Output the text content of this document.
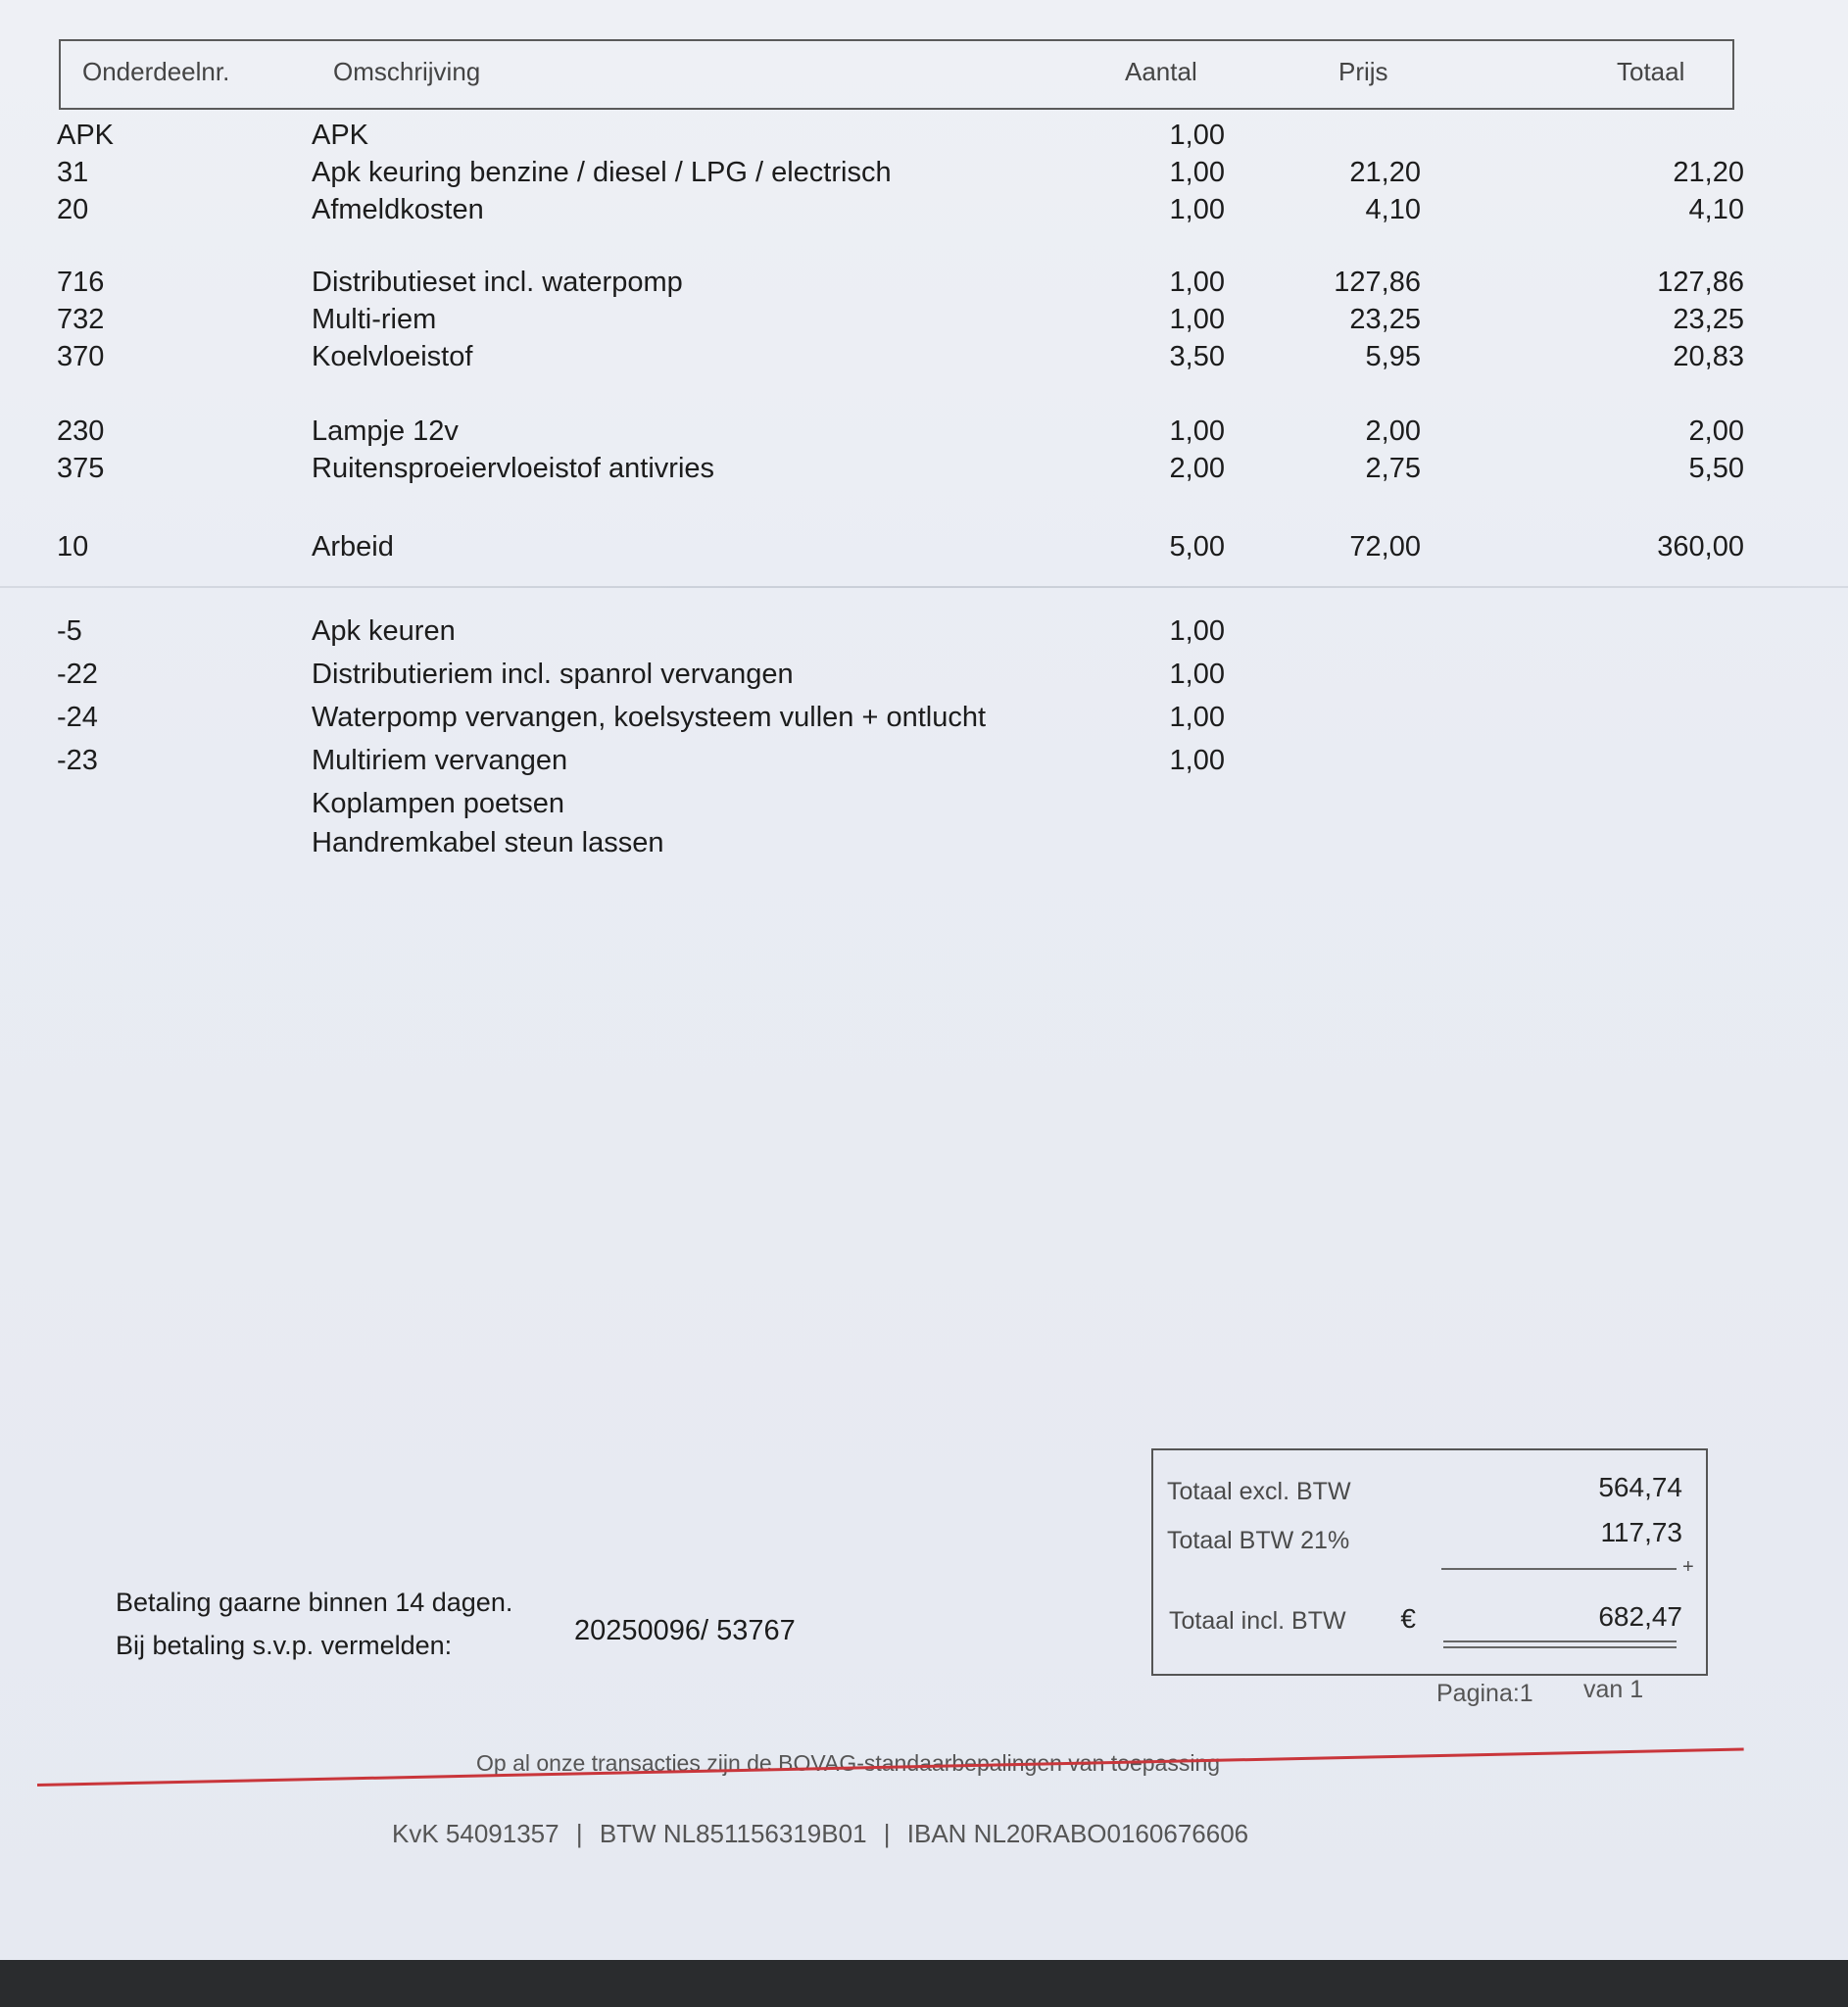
Onderdeelnr.	Omschrijving	Aantal	Prijs	Totaal
APK	APK	1,00
31	Apk keuring benzine / diesel / LPG / electrisch	1,00	21,20	21,20
20	Afmeldkosten	1,00	4,10	4,10
716	Distributieset incl. waterpomp	1,00	127,86	127,86
732	Multi-riem	1,00	23,25	23,25
370	Koelvloeistof	3,50	5,95	20,83
230	Lampje 12v	1,00	2,00	2,00
375	Ruitensproeiervloeistof antivries	2,00	2,75	5,50
10	Arbeid	5,00	72,00	360,00
-5	Apk keuren	1,00
-22	Distributieriem incl. spanrol vervangen	1,00
-24	Waterpomp vervangen, koelsysteem vullen + ontlucht	1,00
-23	Multiriem vervangen	1,00
Koplampen poetsen
Handremkabel steun lassen
Betaling gaarne binnen 14 dagen.
Bij betaling s.v.p. vermelden:	20250096/ 53767
Totaal excl. BTW	564,74
Totaal BTW 21%	117,73
+
Totaal incl. BTW	€	682,47
Pagina:1 van 1
Op al onze transacties zijn de BOVAG-standaarbepalingen van toepassing
KvK 54091357 | BTW NL851156319B01 | IBAN NL20RABO0160676606
